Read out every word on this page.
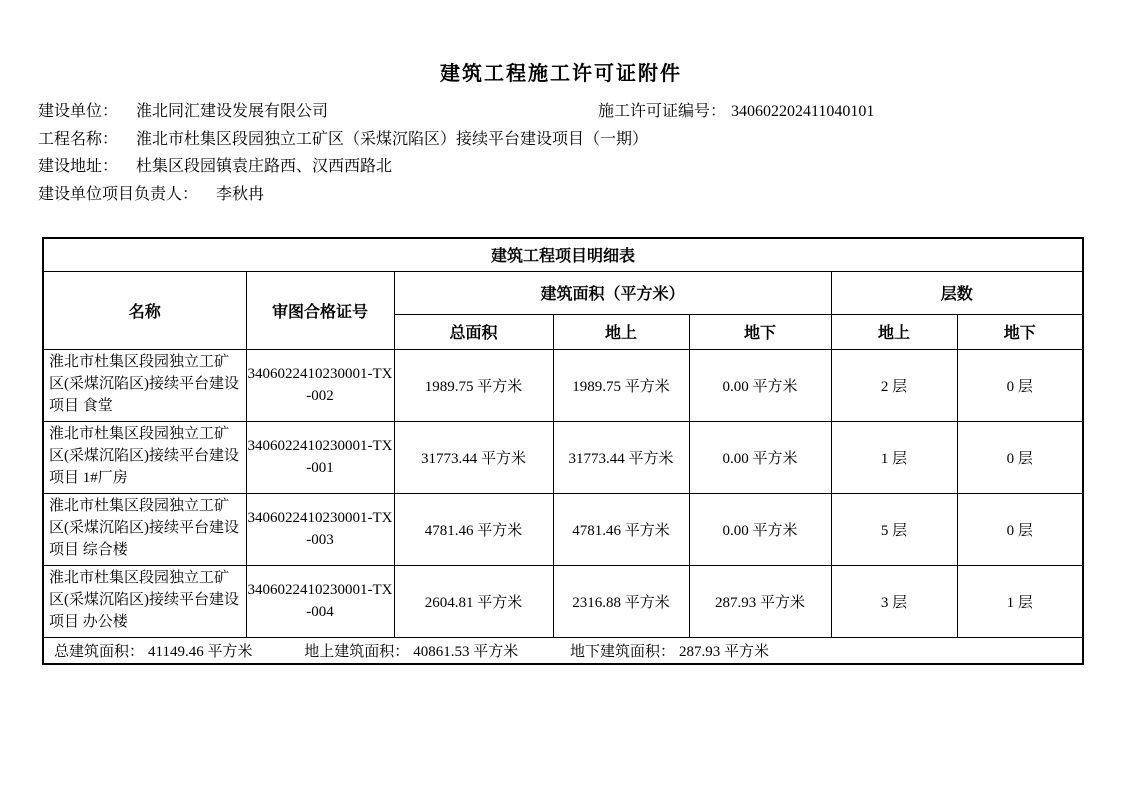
建筑工程施工许可证附件
建设单位： 淮北同汇建设发展有限公司	施工许可证编号： 340602202411040101
工程名称： 淮北市杜集区段园独立工矿区（采煤沉陷区）接续平台建设项目（一期）
建设地址： 杜集区段园镇袁庄路西、汉西西路北
建设单位项目负责人： 李秋冉
建筑工程项目明细表						
名称	审图合格证号	建筑面积（平方米）			层数	
		总面积	地上	地下	地上	地下
淮北市杜集区段园独立工矿区(采煤沉陷区)接续平台建设项目 食堂	3406022410230001-TX-002	1989.75 平方米	1989.75 平方米	0.00 平方米	2 层	0 层
淮北市杜集区段园独立工矿区(采煤沉陷区)接续平台建设项目 1#厂房	3406022410230001-TX-001	31773.44 平方米	31773.44 平方米	0.00 平方米	1 层	0 层
淮北市杜集区段园独立工矿区(采煤沉陷区)接续平台建设项目 综合楼	3406022410230001-TX-003	4781.46 平方米	4781.46 平方米	0.00 平方米	5 层	0 层
淮北市杜集区段园独立工矿区(采煤沉陷区)接续平台建设项目 办公楼	3406022410230001-TX-004	2604.81 平方米	2316.88 平方米	287.93 平方米	3 层	1 层
总建筑面积： 41149.46 平方米 地上建筑面积： 40861.53 平方米 地下建筑面积： 287.93 平方米						
